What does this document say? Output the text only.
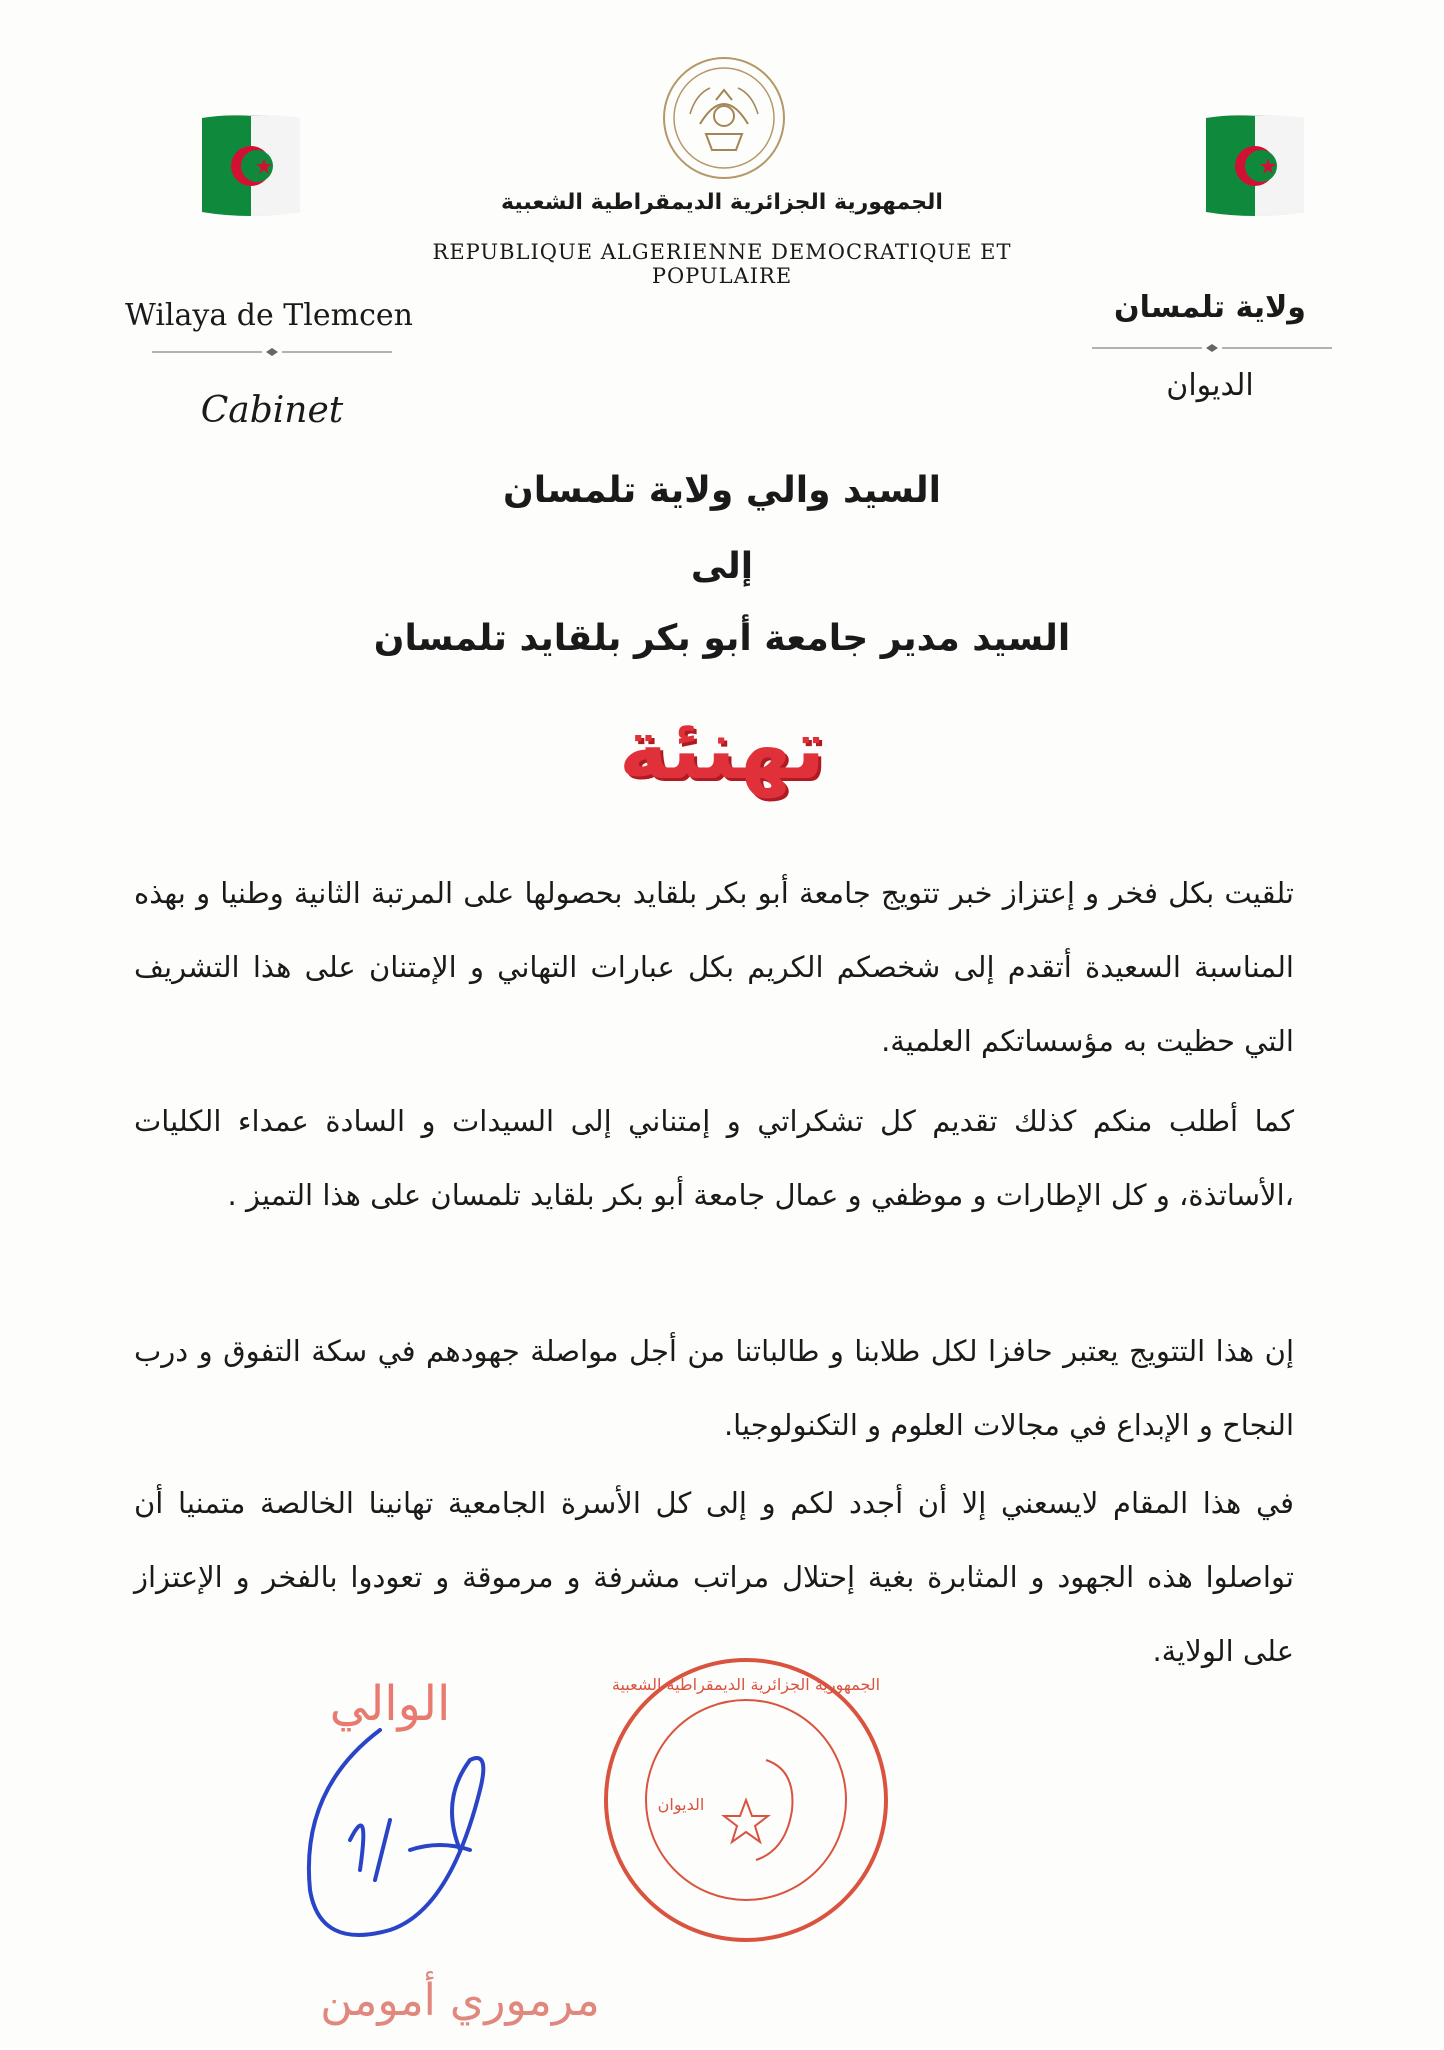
الجمهورية الجزائرية الديمقراطية الشعبية
REPUBLIQUE ALGERIENNE DEMOCRATIQUE ET POPULAIRE
Wilaya de Tlemcen	ولاية تلمسان
Cabinet
الديوان
السيد والي ولاية تلمسان
إلى
السيد مدير جامعة أبو بكر بلقايد تلمسان
تهنئة
تلقيت بكل فخر و إعتزاز خبر تتويج جامعة أبو بكر بلقايد بحصولها على المرتبة الثانية وطنيا و بهذه المناسبة السعيدة أتقدم إلى شخصكم الكريم بكل عبارات التهاني و الإمتنان على هذا التشريف التي حظيت به مؤسساتكم العلمية.
كما أطلب منكم كذلك تقديم كل تشكراتي و إمتناني إلى السيدات و السادة عمداء الكليات ،الأساتذة، و كل الإطارات و موظفي و عمال جامعة أبو بكر بلقايد تلمسان على هذا التميز .
إن هذا التتويج يعتبر حافزا لكل طلابنا و طالباتنا من أجل مواصلة جهودهم في سكة التفوق و درب النجاح و الإبداع في مجالات العلوم و التكنولوجيا.
في هذا المقام لايسعني إلا أن أجدد لكم و إلى كل الأسرة الجامعية تهانينا الخالصة متمنيا أن تواصلوا هذه الجهود و المثابرة بغية إحتلال مراتب مشرفة و مرموقة و تعودوا بالفخر و الإعتزاز على الولاية.
الجمهورية الجزائرية الديمقراطية الشعبية
الديوان
الوالي
مرموري أمومن
